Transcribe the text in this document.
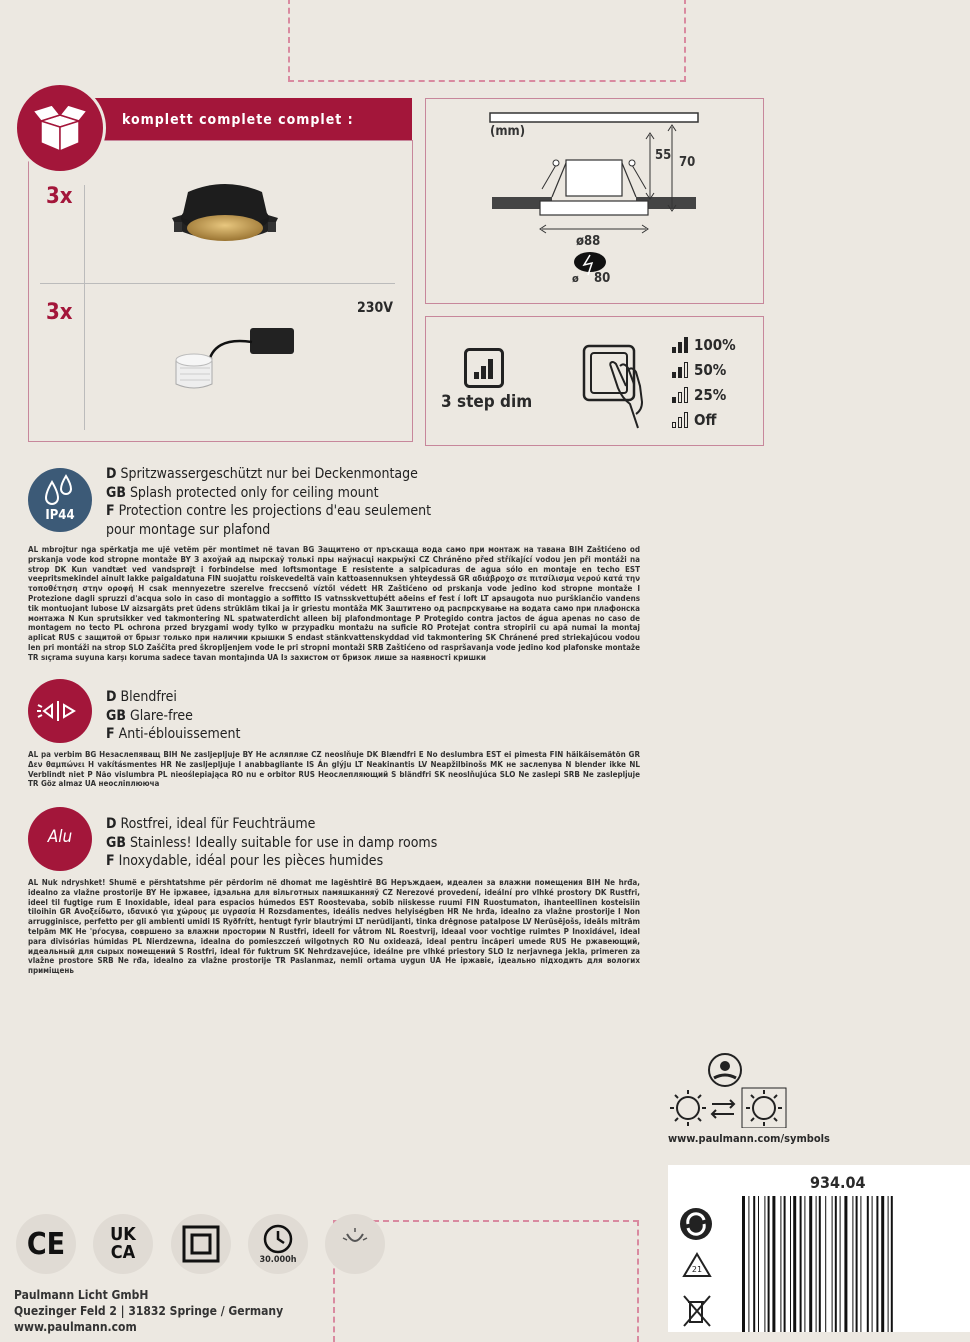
komplett complete complet :
3x
3x	230V
(mm)
55 70
ø88
ø 80
3 step dim
100%
50%
25%
Off
IP44
D Spritzwassergeschützt nur bei Deckenmontage
GB Splash protected only for ceiling mount
F Protection contre les projections d'eau seulement
pour montage sur plafond
AL mbrojtur nga spërkatja me ujë vetëm për montimet në tavan BG Защитено от пръскаща вода само при монтаж на тавана BIH Zaštićeno od prskanja vode kod stropne montaže BY З ахоўай ад пырскаў толькі пры наўнасці накрыўкі CZ Chráněno před stříkající vodou jen při montáži na strop DK Kun vandtæt ved vandsprøjt i forbindelse med loftsmontage E resistente a salpicaduras de agua sólo en montaje en techo EST veepritsmekindel ainult lakke paigaldatuna FIN suojattu roiskevedeltä vain kattoasennuksen yhteydessä GR αδιάβροχο σε πιτσίλισμα νερού κατά την τοποθέτηση στην οροφή H csak mennyezetre szerelve freccsenő víztől védett HR Zaštićeno od prskanja vode jedino kod stropne montaže I Protezione dagli spruzzi d'acqua solo in caso di montaggio a soffitto IS vatnsskvettuþétt aðeins ef fest í loft LT apsaugota nuo purškiančio vandens tik montuojant lubose LV aizsargāts pret ūdens strūklām tikai ja ir griestu montāža MK Заштитено од распрскување на водата само при плафонска монтажа N Kun sprutsikker ved takmontering NL spatwaterdicht alleen bij plafondmontage P Protegido contra jactos de água apenas no caso de montagem no tecto PL ochrona przed bryzgami wody tylko w przypadku montażu na suficie RO Protejat contra stropirii cu apă numai la montaj aplicat RUS с защитой от брызг только при наличии крышки S endast stänkvattenskyddad vid takmontering SK Chránené pred striekajúcou vodou len pri montáži na strop SLO Zaščita pred škropljenjem vode le pri stropni montaži SRB Zaštićeno od raspršavanja vode jedino kod plafonske montaže TR sıçrama suyuna karşı koruma sadece tavan montajında UA Із захистом от бризок лише за наявності кришки
D Blendfrei
GB Glare-free
F Anti-éblouissement
AL pa verbim BG Незаслепяващ BIH Ne zasljepljuje BY Не асляпляе CZ neoslňuje DK Blændfri E No deslumbra EST ei pimesta FIN häikäisemätön GR Δεν θαμπώνει H vakításmentes HR Ne zasljepljuje I anabbagliante IS Án glýju LT Neakinantis LV Neapžilbinošs MK не заслепува N blender ikke NL Verblindt niet P Não vislumbra PL nieoślepiająca RO nu e orbitor RUS Неослепляющий S bländfri SK neoslňujúca SLO Ne zaslepi SRB Ne zasleplјuje TR Göz almaz UA неосліплююча
Alu
D Rostfrei, ideal für Feuchträume
GB Stainless! Ideally suitable for use in damp rooms
F Inoxydable, idéal pour les pièces humides
AL Nuk ndryshket! Shumë e përshtatshme për përdorim në dhomat me lagështirë BG Неръждаем, идеален за влажни помещения BIH Ne hrđa, idealno za vlažne prostorije BY Не іржавее, ідэальна для вільготных памяшканняў CZ Nerezové provedení, ideální pro vlhké prostory DK Rustfri, ideel til fugtige rum E Inoxidable, ideal para espacios húmedos EST Roostevaba, sobib niiskesse ruumi FIN Ruostumaton, ihanteellinen kosteisiin tiloihin GR Ανοξείδωτο, ιδανικό για χώρους με υγρασία H Rozsdamentes, ideális nedves helyiségben HR Ne hrđa, idealno za vlažne prostorije I Non arrugginisce, perfetto per gli ambienti umidi IS Ryðfrítt, hentugt fyrir blautrými LT nerūdijanti, tinka drėgnose patalpose LV Nerūsējošs, ideāls mitrām telpām MK Не 'рѓосува, совршено за влажни простории N Rustfri, ideell for våtrom NL Roestvrij, ideaal voor vochtige ruimtes P Inoxidável, ideal para divisórias húmidas PL Nierdzewna, idealna do pomieszczeń wilgotnych RO Nu oxidează, ideal pentru încăperi umede RUS Не ржавеющий, идеальный для сырых помещений S Rostfri, ideal för fuktrum SK Nehrdzavejúce, ideálne pre vlhké priestory SLO Iz nerjavnega jekla, primeren za vlažne prostore SRB Ne rđa, idealno za vlažne prostorije TR Paslanmaz, nemli ortama uygun UA Не іржавіє, ідеально підходить для вологих приміщень
www.paulmann.com/symbols
934.04
21
CE	UK CA	30.000h
Paulmann Licht GmbH
Quezinger Feld 2 | 31832 Springe / Germany
www.paulmann.com
